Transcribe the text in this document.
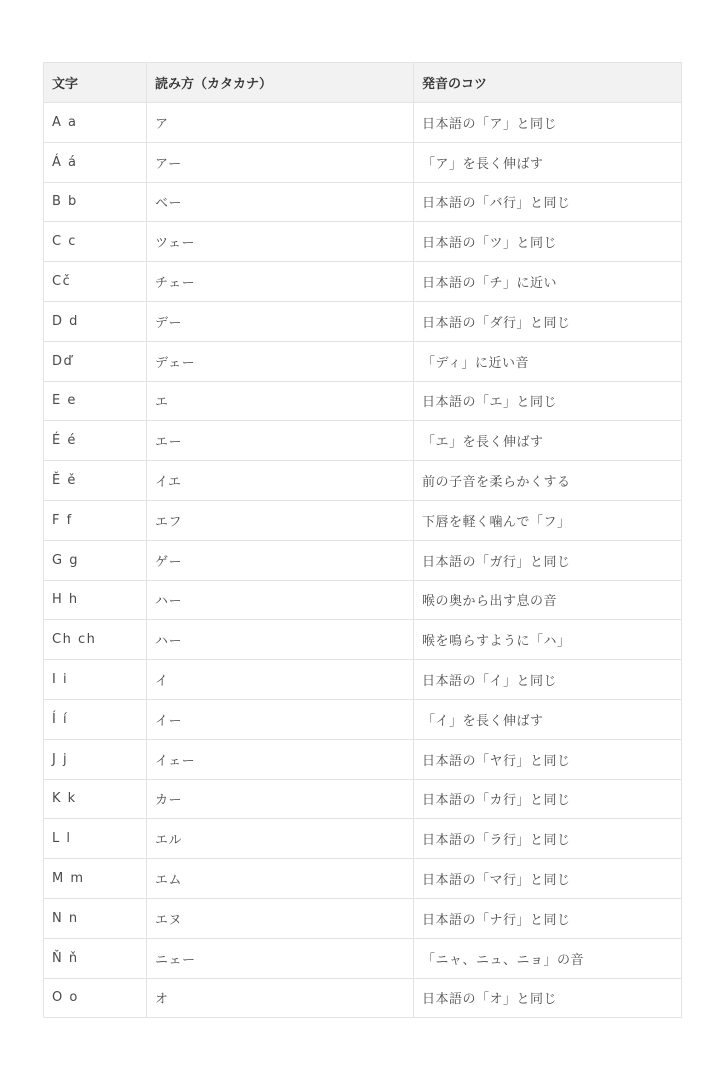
文字	読み方（カタカナ）	発音のコツ
A a	ア	日本語の「ア」と同じ
Á á	アー	「ア」を長く伸ばす
B b	ベー	日本語の「バ行」と同じ
C c	ツェー	日本語の「ツ」と同じ
Cč	チェー	日本語の「チ」に近い
D d	デー	日本語の「ダ行」と同じ
Dď	デェー	「ディ」に近い音
E e	エ	日本語の「エ」と同じ
É é	エー	「エ」を長く伸ばす
Ě ě	イエ	前の子音を柔らかくする
F f	エフ	下唇を軽く噛んで「フ」
G g	ゲー	日本語の「ガ行」と同じ
H h	ハー	喉の奥から出す息の音
Ch ch	ハー	喉を鳴らすように「ハ」
I i	イ	日本語の「イ」と同じ
Í í	イー	「イ」を長く伸ばす
J j	イェー	日本語の「ヤ行」と同じ
K k	カー	日本語の「カ行」と同じ
L l	エル	日本語の「ラ行」と同じ
M m	エム	日本語の「マ行」と同じ
N n	エヌ	日本語の「ナ行」と同じ
Ň ň	ニェー	「ニャ、ニュ、ニョ」の音
O o	オ	日本語の「オ」と同じ
